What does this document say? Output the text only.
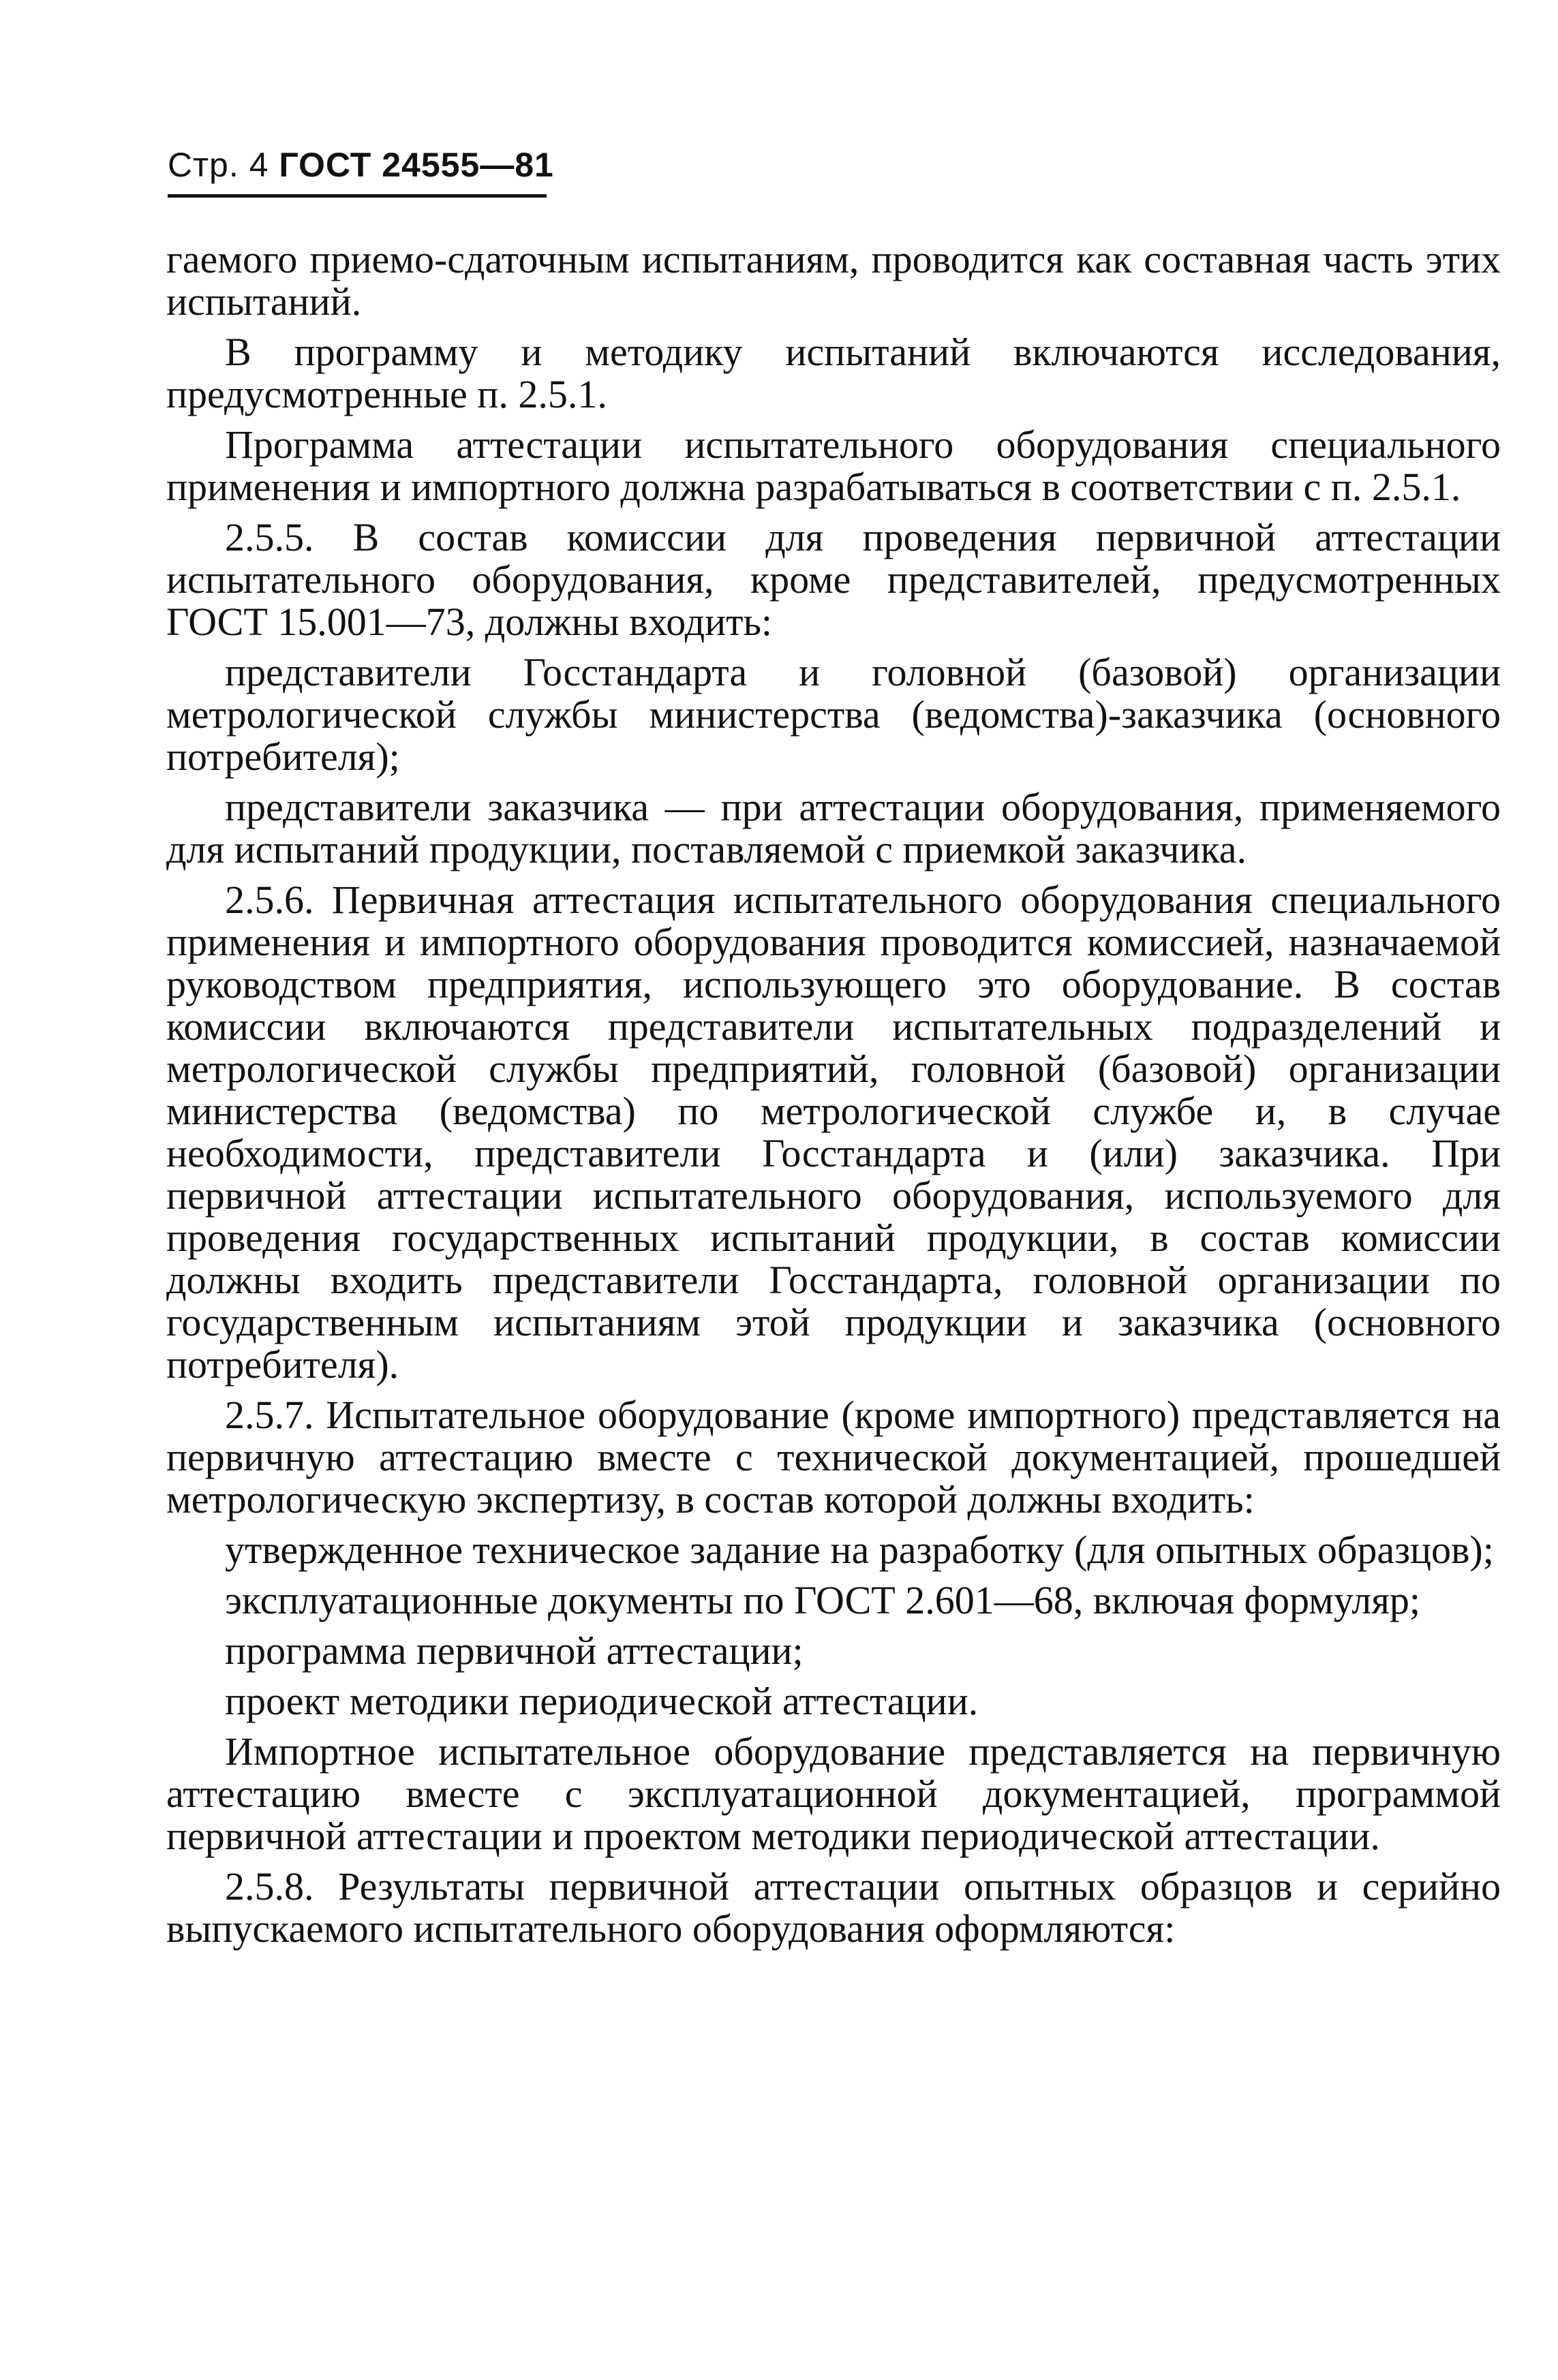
Стр. 4 ГОСТ 24555—81

гаемого приемо-сдаточным испытаниям, проводится как составная часть этих испытаний.

В программу и методику испытаний включаются исследования, предусмотренные п. 2.5.1.

Программа аттестации испытательного оборудования специального применения и импортного должна разрабатываться в соответствии с п. 2.5.1.

2.5.5. В состав комиссии для проведения первичной аттестации испытательного оборудования, кроме представителей, предусмотренных ГОСТ 15.001—73, должны входить:

представители Госстандарта и головной (базовой) организации метрологической службы министерства (ведомства)-заказчика (основного потребителя);

представители заказчика — при аттестации оборудования, применяемого для испытаний продукции, поставляемой с приемкой заказчика.

2.5.6. Первичная аттестация испытательного оборудования специального применения и импортного оборудования проводится комиссией, назначаемой руководством предприятия, использующего это оборудование. В состав комиссии включаются представители испытательных подразделений и метрологической службы предприятий, головной (базовой) организации министерства (ведомства) по метрологической службе и, в случае необходимости, представители Госстандарта и (или) заказчика. При первичной аттестации испытательного оборудования, используемого для проведения государственных испытаний продукции, в состав комиссии должны входить представители Госстандарта, головной организации по государственным испытаниям этой продукции и заказчика (основного потребителя).

2.5.7. Испытательное оборудование (кроме импортного) представляется на первичную аттестацию вместе с технической документацией, прошедшей метрологическую экспертизу, в состав которой должны входить:

утвержденное техническое задание на разработку (для опытных образцов);

эксплуатационные документы по ГОСТ 2.601—68, включая формуляр;

программа первичной аттестации;

проект методики периодической аттестации.

Импортное испытательное оборудование представляется на первичную аттестацию вместе с эксплуатационной документацией, программой первичной аттестации и проектом методики периодической аттестации.

2.5.8. Результаты первичной аттестации опытных образцов и серийно выпускаемого испытательного оборудования оформляются:
